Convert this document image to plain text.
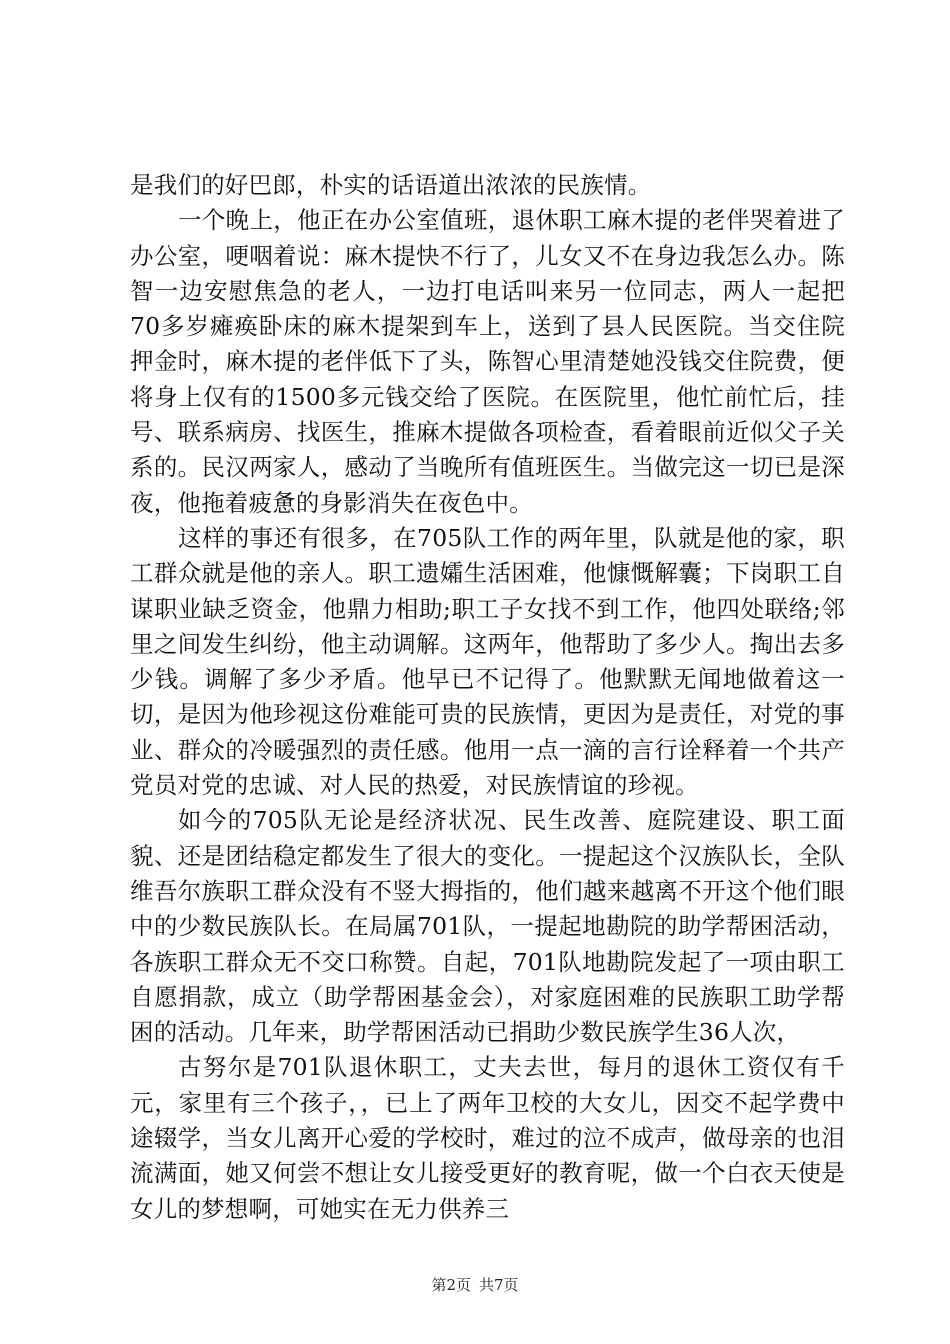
是我们的好巴郎，朴实的话语道出浓浓的民族情。

一个晚上，他正在办公室值班，退休职工麻木提的老伴哭着进了办公室，哽咽着说：麻木提快不行了，儿女又不在身边我怎么办。陈智一边安慰焦急的老人，一边打电话叫来另一位同志，两人一起把70多岁瘫痪卧床的麻木提架到车上，送到了县人民医院。当交住院押金时，麻木提的老伴低下了头，陈智心里清楚她没钱交住院费，便将身上仅有的1500多元钱交给了医院。在医院里，他忙前忙后，挂号、联系病房、找医生，推麻木提做各项检查，看着眼前近似父子关系的。民汉两家人，感动了当晚所有值班医生。当做完这一切已是深夜，他拖着疲惫的身影消失在夜色中。

这样的事还有很多，在705队工作的两年里，队就是他的家，职工群众就是他的亲人。职工遗孀生活困难，他慷慨解囊；下岗职工自谋职业缺乏资金，他鼎力相助;职工子女找不到工作，他四处联络;邻里之间发生纠纷，他主动调解。这两年，他帮助了多少人。掏出去多少钱。调解了多少矛盾。他早已不记得了。他默默无闻地做着这一切，是因为他珍视这份难能可贵的民族情，更因为是责任，对党的事业、群众的冷暖强烈的责任感。他用一点一滴的言行诠释着一个共产党员对党的忠诚、对人民的热爱，对民族情谊的珍视。

如今的705队无论是经济状况、民生改善、庭院建设、职工面貌、还是团结稳定都发生了很大的变化。一提起这个汉族队长，全队维吾尔族职工群众没有不竖大拇指的，他们越来越离不开这个他们眼中的少数民族队长。在局属701队，一提起地勘院的助学帮困活动，各族职工群众无不交口称赞。自起，701队地勘院发起了一项由职工自愿捐款，成立（助学帮困基金会），对家庭困难的民族职工助学帮困的活动。几年来，助学帮困活动已捐助少数民族学生36人次，

古努尔是701队退休职工，丈夫去世，每月的退休工资仅有千元，家里有三个孩子，，已上了两年卫校的大女儿，因交不起学费中途辍学，当女儿离开心爱的学校时，难过的泣不成声，做母亲的也泪流满面，她又何尝不想让女儿接受更好的教育呢，做一个白衣天使是女儿的梦想啊，可她实在无力供养三

第2页 共7页
